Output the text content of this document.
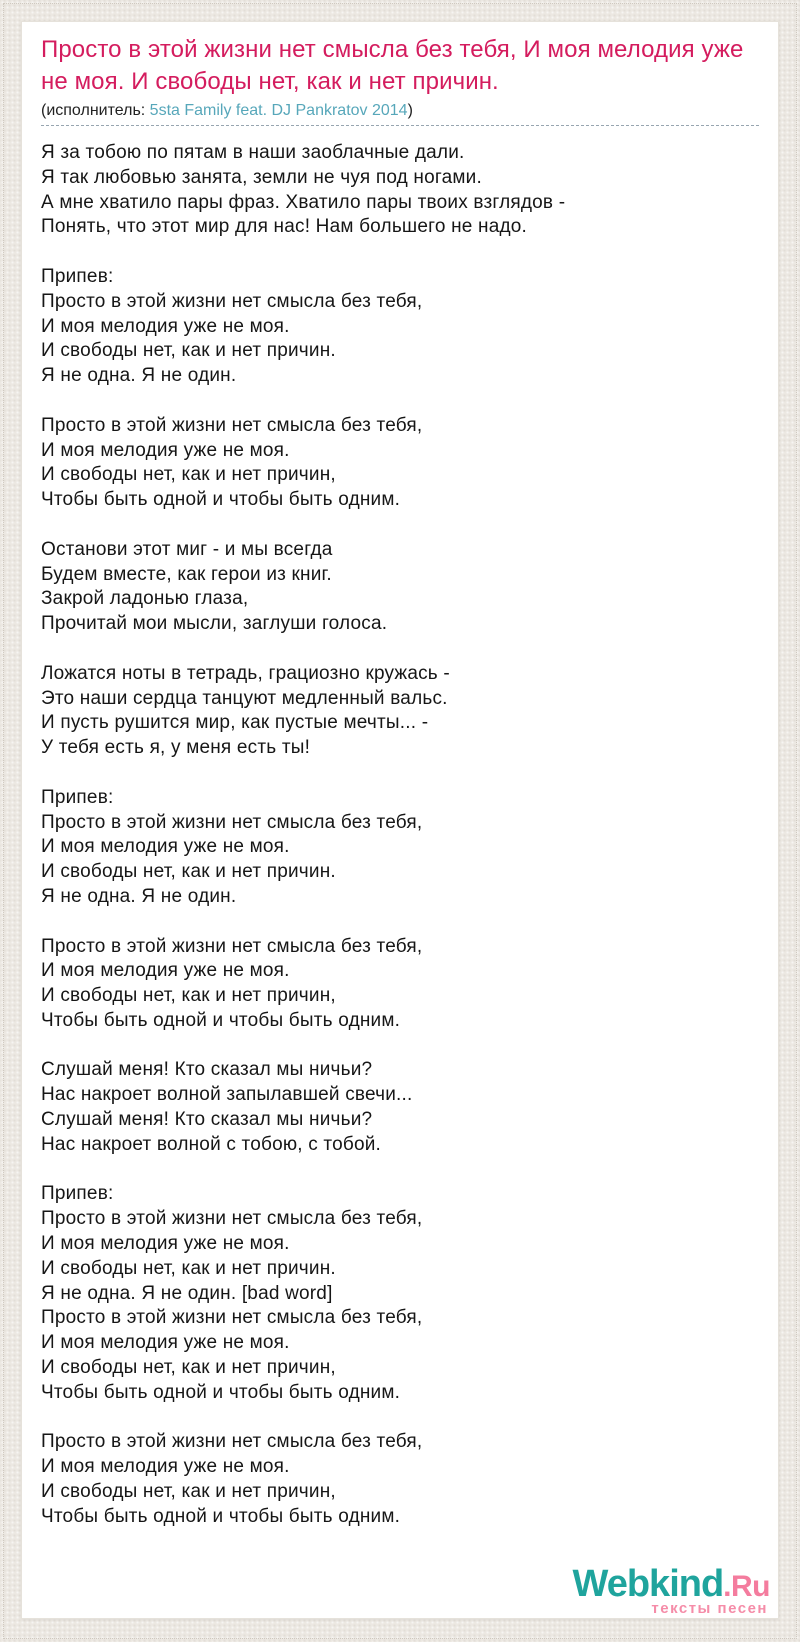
Просто в этой жизни нет смысла без тебя, И моя мелодия уже не моя. И свободы нет, как и нет причин.
(исполнитель: 5sta Family feat. DJ Pankratov 2014)

Я за тобою по пятам в наши заоблачные дали.
Я так любовью занята, земли не чуя под ногами.
А мне хватило пары фраз. Хватило пары твоих взглядов -
Понять, что этот мир для нас! Нам большего не надо.

Припев:
Просто в этой жизни нет смысла без тебя,
И моя мелодия уже не моя.
И свободы нет, как и нет причин.
Я не одна. Я не один.

Просто в этой жизни нет смысла без тебя,
И моя мелодия уже не моя.
И свободы нет, как и нет причин,
Чтобы быть одной и чтобы быть одним.

Останови этот миг - и мы всегда
Будем вместе, как герои из книг.
Закрой ладонью глаза,
Прочитай мои мысли, заглуши голоса.

Ложатся ноты в тетрадь, грациозно кружась -
Это наши сердца танцуют медленный вальс.
И пусть рушится мир, как пустые мечты... -
У тебя есть я, у меня есть ты!

Припев:
Просто в этой жизни нет смысла без тебя,
И моя мелодия уже не моя.
И свободы нет, как и нет причин.
Я не одна. Я не один.

Просто в этой жизни нет смысла без тебя,
И моя мелодия уже не моя.
И свободы нет, как и нет причин,
Чтобы быть одной и чтобы быть одним.

Слушай меня! Кто сказал мы ничьи?
Нас накроет волной запылавшей свечи...
Слушай меня! Кто сказал мы ничьи?
Нас накроет волной с тобою, с тобой.

Припев:
Просто в этой жизни нет смысла без тебя,
И моя мелодия уже не моя.
И свободы нет, как и нет причин.
Я не одна. Я не один. [bad word]
Просто в этой жизни нет смысла без тебя,
И моя мелодия уже не моя.
И свободы нет, как и нет причин,
Чтобы быть одной и чтобы быть одним.

Просто в этой жизни нет смысла без тебя,
И моя мелодия уже не моя.
И свободы нет, как и нет причин,
Чтобы быть одной и чтобы быть одним.

Webkind.Ru
тексты песен
